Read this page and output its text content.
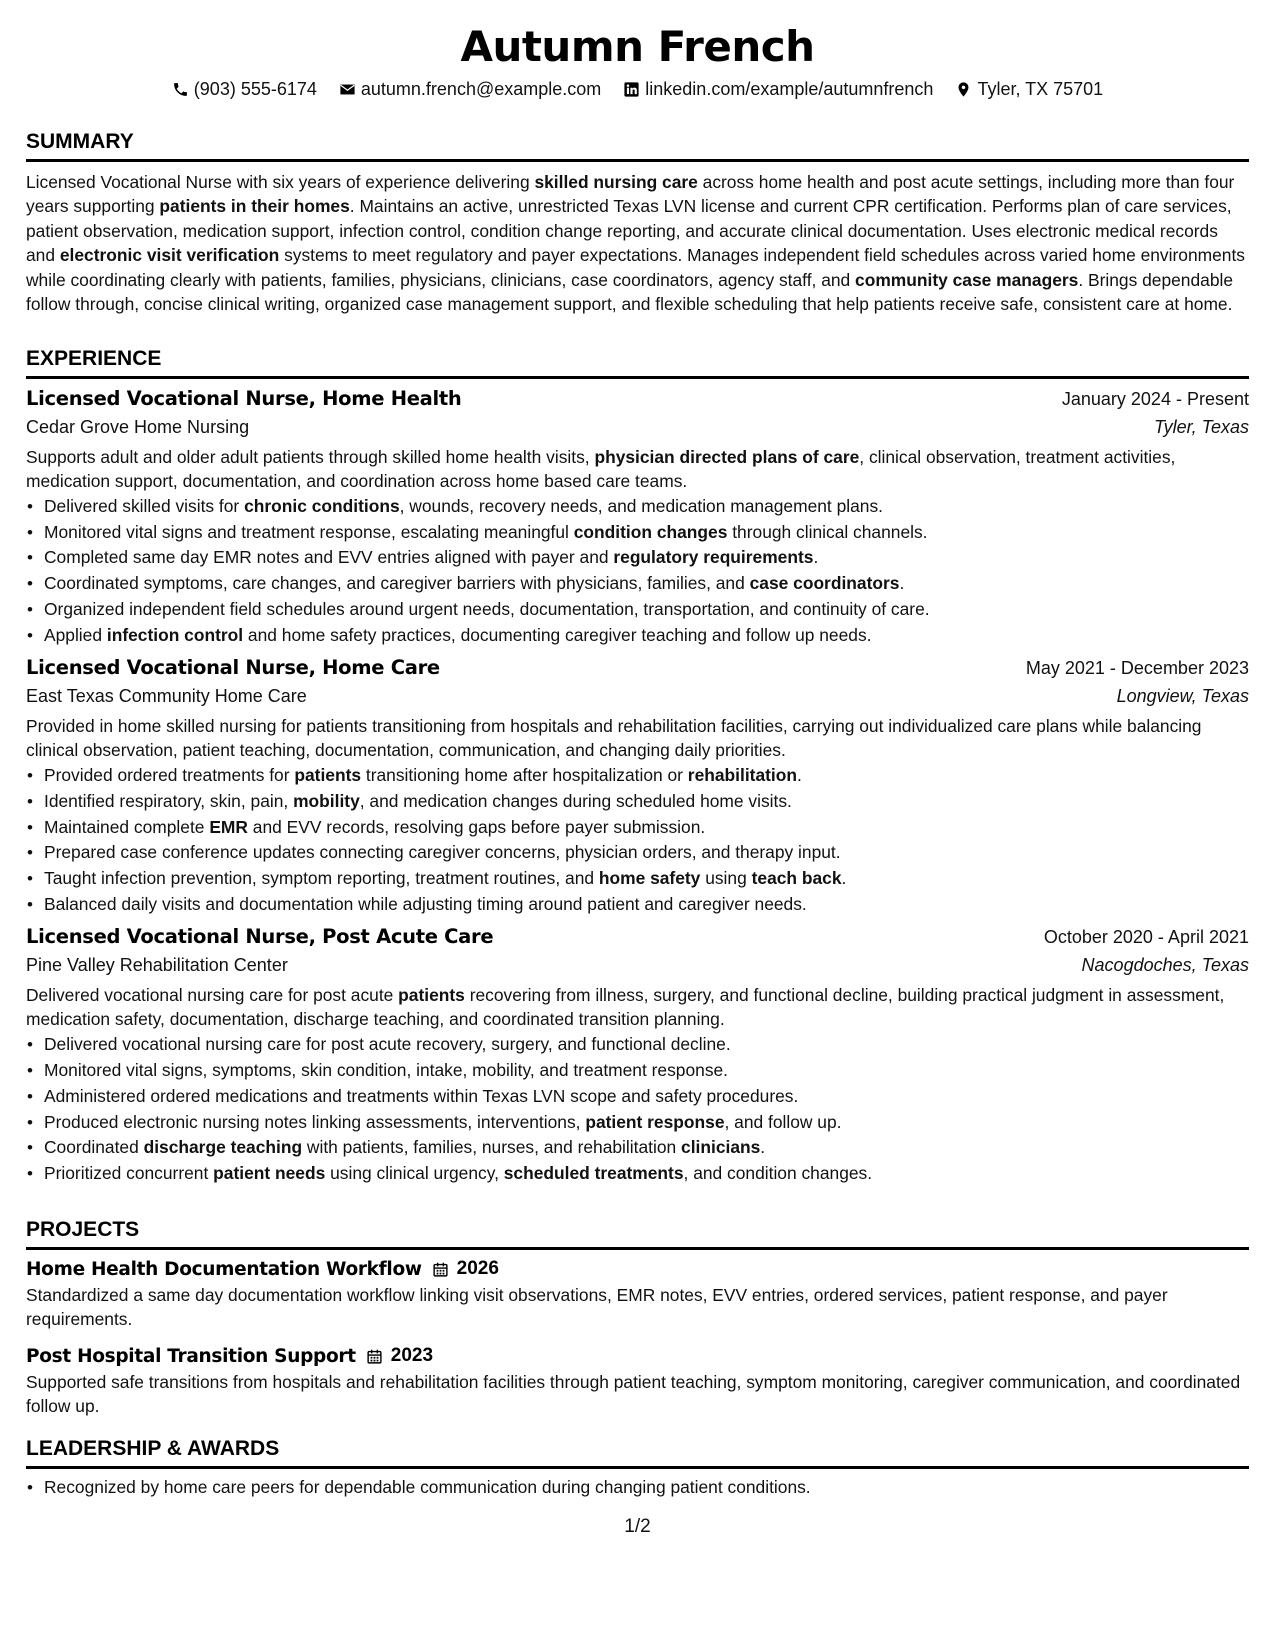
Autumn French
(903) 555-6174 autumn.french@example.com linkedin.com/example/autumnfrench Tyler, TX 75701
SUMMARY
Licensed Vocational Nurse with six years of experience delivering skilled nursing care across home health and post acute settings, including more than four years supporting patients in their homes. Maintains an active, unrestricted Texas LVN license and current CPR certification. Performs plan of care services, patient observation, medication support, infection control, condition change reporting, and accurate clinical documentation. Uses electronic medical records and electronic visit verification systems to meet regulatory and payer expectations. Manages independent field schedules across varied home environments while coordinating clearly with patients, families, physicians, clinicians, case coordinators, agency staff, and community case managers. Brings dependable follow through, concise clinical writing, organized case management support, and flexible scheduling that help patients receive safe, consistent care at home.
EXPERIENCE
Licensed Vocational Nurse, Home Health	January 2024 - Present
Cedar Grove Home Nursing	Tyler, Texas
Supports adult and older adult patients through skilled home health visits, physician directed plans of care, clinical observation, treatment activities, medication support, documentation, and coordination across home based care teams.
• Delivered skilled visits for chronic conditions, wounds, recovery needs, and medication management plans.
• Monitored vital signs and treatment response, escalating meaningful condition changes through clinical channels.
• Completed same day EMR notes and EVV entries aligned with payer and regulatory requirements.
• Coordinated symptoms, care changes, and caregiver barriers with physicians, families, and case coordinators.
• Organized independent field schedules around urgent needs, documentation, transportation, and continuity of care.
• Applied infection control and home safety practices, documenting caregiver teaching and follow up needs.
Licensed Vocational Nurse, Home Care	May 2021 - December 2023
East Texas Community Home Care	Longview, Texas
Provided in home skilled nursing for patients transitioning from hospitals and rehabilitation facilities, carrying out individualized care plans while balancing clinical observation, patient teaching, documentation, communication, and changing daily priorities.
• Provided ordered treatments for patients transitioning home after hospitalization or rehabilitation.
• Identified respiratory, skin, pain, mobility, and medication changes during scheduled home visits.
• Maintained complete EMR and EVV records, resolving gaps before payer submission.
• Prepared case conference updates connecting caregiver concerns, physician orders, and therapy input.
• Taught infection prevention, symptom reporting, treatment routines, and home safety using teach back.
• Balanced daily visits and documentation while adjusting timing around patient and caregiver needs.
Licensed Vocational Nurse, Post Acute Care	October 2020 - April 2021
Pine Valley Rehabilitation Center	Nacogdoches, Texas
Delivered vocational nursing care for post acute patients recovering from illness, surgery, and functional decline, building practical judgment in assessment, medication safety, documentation, discharge teaching, and coordinated transition planning.
• Delivered vocational nursing care for post acute recovery, surgery, and functional decline.
• Monitored vital signs, symptoms, skin condition, intake, mobility, and treatment response.
• Administered ordered medications and treatments within Texas LVN scope and safety procedures.
• Produced electronic nursing notes linking assessments, interventions, patient response, and follow up.
• Coordinated discharge teaching with patients, families, nurses, and rehabilitation clinicians.
• Prioritized concurrent patient needs using clinical urgency, scheduled treatments, and condition changes.
PROJECTS
Home Health Documentation Workflow 2026
Standardized a same day documentation workflow linking visit observations, EMR notes, EVV entries, ordered services, patient response, and payer requirements.
Post Hospital Transition Support 2023
Supported safe transitions from hospitals and rehabilitation facilities through patient teaching, symptom monitoring, caregiver communication, and coordinated follow up.
LEADERSHIP & AWARDS
• Recognized by home care peers for dependable communication during changing patient conditions.
1/2
